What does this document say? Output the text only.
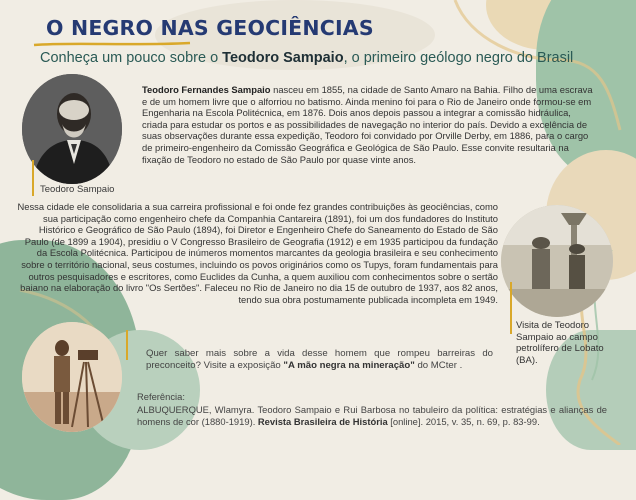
O NEGRO NAS GEOCIÊNCIAS

Conheça um pouco sobre o Teodoro Sampaio, o primeiro geólogo negro do Brasil

Teodoro Sampaio

Teodoro Fernandes Sampaio nasceu em 1855, na cidade de Santo Amaro na Bahia. Filho de uma escrava e de um homem livre que o alforriou no batismo. Ainda menino foi para o Rio de Janeiro onde formou-se em Engenharia na Escola Politécnica, em 1876. Dois anos depois passou a integrar a comissão hidráulica, criada para estudar os portos e as possibilidades de navegação no interior do país. Devido a excelência de suas observações durante essa expedição, Teodoro foi convidado por Orville Derby, em 1886, para o cargo de primeiro-engenheiro da Comissão Geográfica e Geológica de São Paulo. Esse convite resultaria na fixação de Teodoro no estado de São Paulo por quase vinte anos.

Nessa cidade ele consolidaria a sua carreira profissional e foi onde fez grandes contribuições às geociências, como sua participação como engenheiro chefe da Companhia Cantareira (1891), foi um dos fundadores do Instituto Histórico e Geográfico de São Paulo (1894), foi Diretor e Engenheiro Chefe do Saneamento do Estado de São Paulo (de 1899 a 1904), presidiu o V Congresso Brasileiro de Geografia (1912) e em 1935 participou da fundação da Escola Politécnica. Participou de inúmeros momentos marcantes da geologia brasileira e seu conhecimento sobre o território nacional, seus costumes, incluindo os povos originários como os Tupys, foram fundamentais para outros pesquisadores e escritores, como Euclides da Cunha, a quem auxiliou com conhecimentos sobre o sertão baiano na elaboração do livro "Os Sertões". Faleceu no Rio de Janeiro no dia 15 de outubro de 1937, aos 82 anos, tendo sua obra postumamente publicada incompleta em 1949.

Visita de Teodoro Sampaio ao campo petrolífero de Lobato (BA).

Quer saber mais sobre a vida desse homem que rompeu barreiras do preconceito? Visite a exposição "A mão negra na mineração" do MCter .

Referência:

ALBUQUERQUE, Wlamyra. Teodoro Sampaio e Rui Barbosa no tabuleiro da política: estratégias e alianças de homens de cor (1880-1919). Revista Brasileira de História [online]. 2015, v. 35, n. 69, p. 83-99.
